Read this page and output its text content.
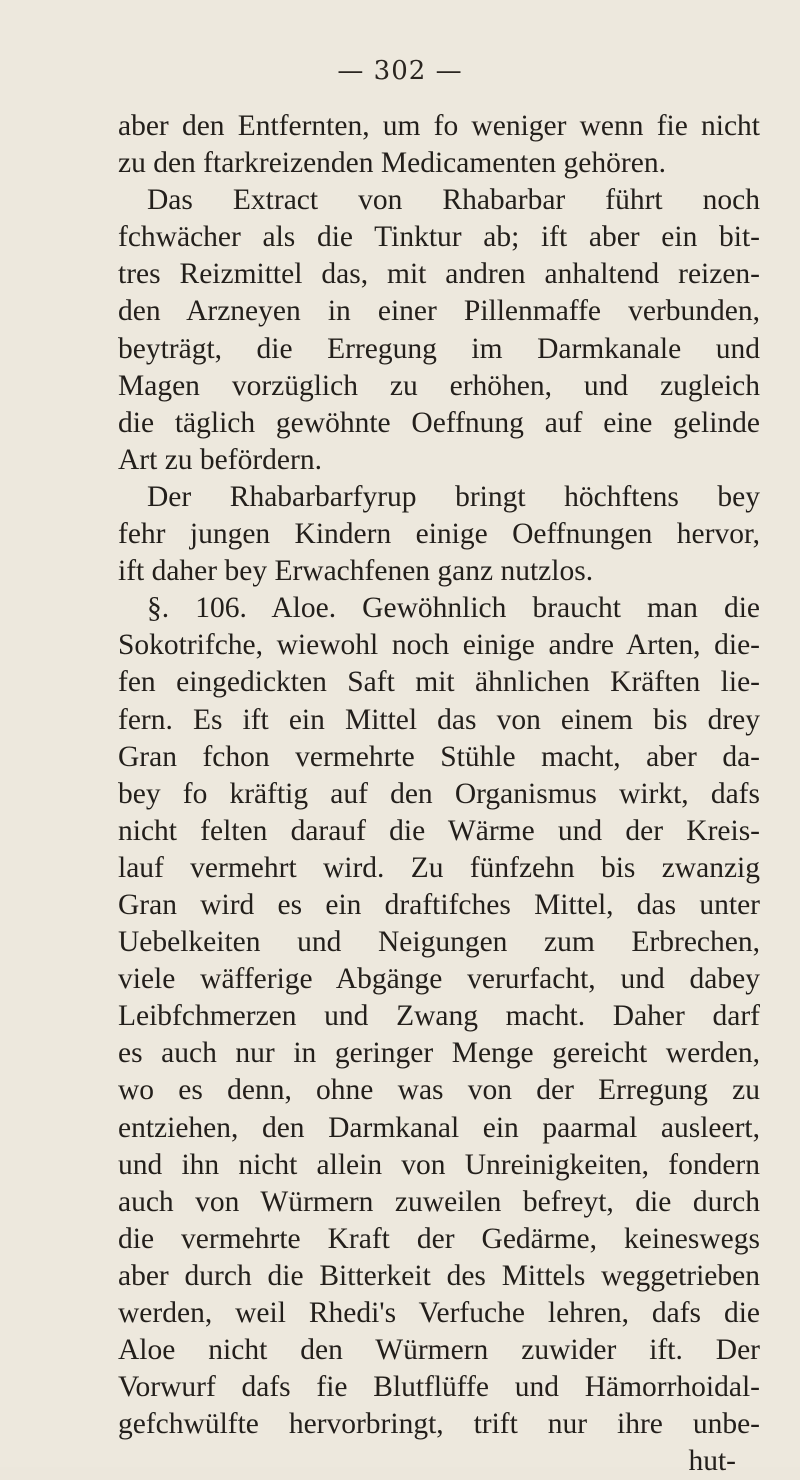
— 302 —
aber den Entfernten, um fo weniger wenn fie nicht
zu den ftarkreizenden Medicamenten gehören.
Das Extract von Rhabarbar führt noch
fchwächer als die Tinktur ab; ift aber ein bit-
tres Reizmittel das, mit andren anhaltend reizen-
den Arzneyen in einer Pillenmaffe verbunden,
beyträgt, die Erregung im Darmkanale und
Magen vorzüglich zu erhöhen, und zugleich
die täglich gewöhnte Oeffnung auf eine gelinde
Art zu befördern.
Der Rhabarbarfyrup bringt höchftens bey
fehr jungen Kindern einige Oeffnungen hervor,
ift daher bey Erwachfenen ganz nutzlos.
§. 106. Aloe. Gewöhnlich braucht man die
Sokotrifche, wiewohl noch einige andre Arten, die-
fen eingedickten Saft mit ähnlichen Kräften lie-
fern. Es ift ein Mittel das von einem bis drey
Gran fchon vermehrte Stühle macht, aber da-
bey fo kräftig auf den Organismus wirkt, dafs
nicht felten darauf die Wärme und der Kreis-
lauf vermehrt wird. Zu fünfzehn bis zwanzig
Gran wird es ein draftifches Mittel, das unter
Uebelkeiten und Neigungen zum Erbrechen,
viele wäfferige Abgänge verurfacht, und dabey
Leibfchmerzen und Zwang macht. Daher darf
es auch nur in geringer Menge gereicht werden,
wo es denn, ohne was von der Erregung zu
entziehen, den Darmkanal ein paarmal ausleert,
und ihn nicht allein von Unreinigkeiten, fondern
auch von Würmern zuweilen befreyt, die durch
die vermehrte Kraft der Gedärme, keineswegs
aber durch die Bitterkeit des Mittels weggetrieben
werden, weil Rhedi's Verfuche lehren, dafs die
Aloe nicht den Würmern zuwider ift. Der
Vorwurf dafs fie Blutflüffe und Hämorrhoidal-
gefchwülfte hervorbringt, trift nur ihre unbe-
hut-
